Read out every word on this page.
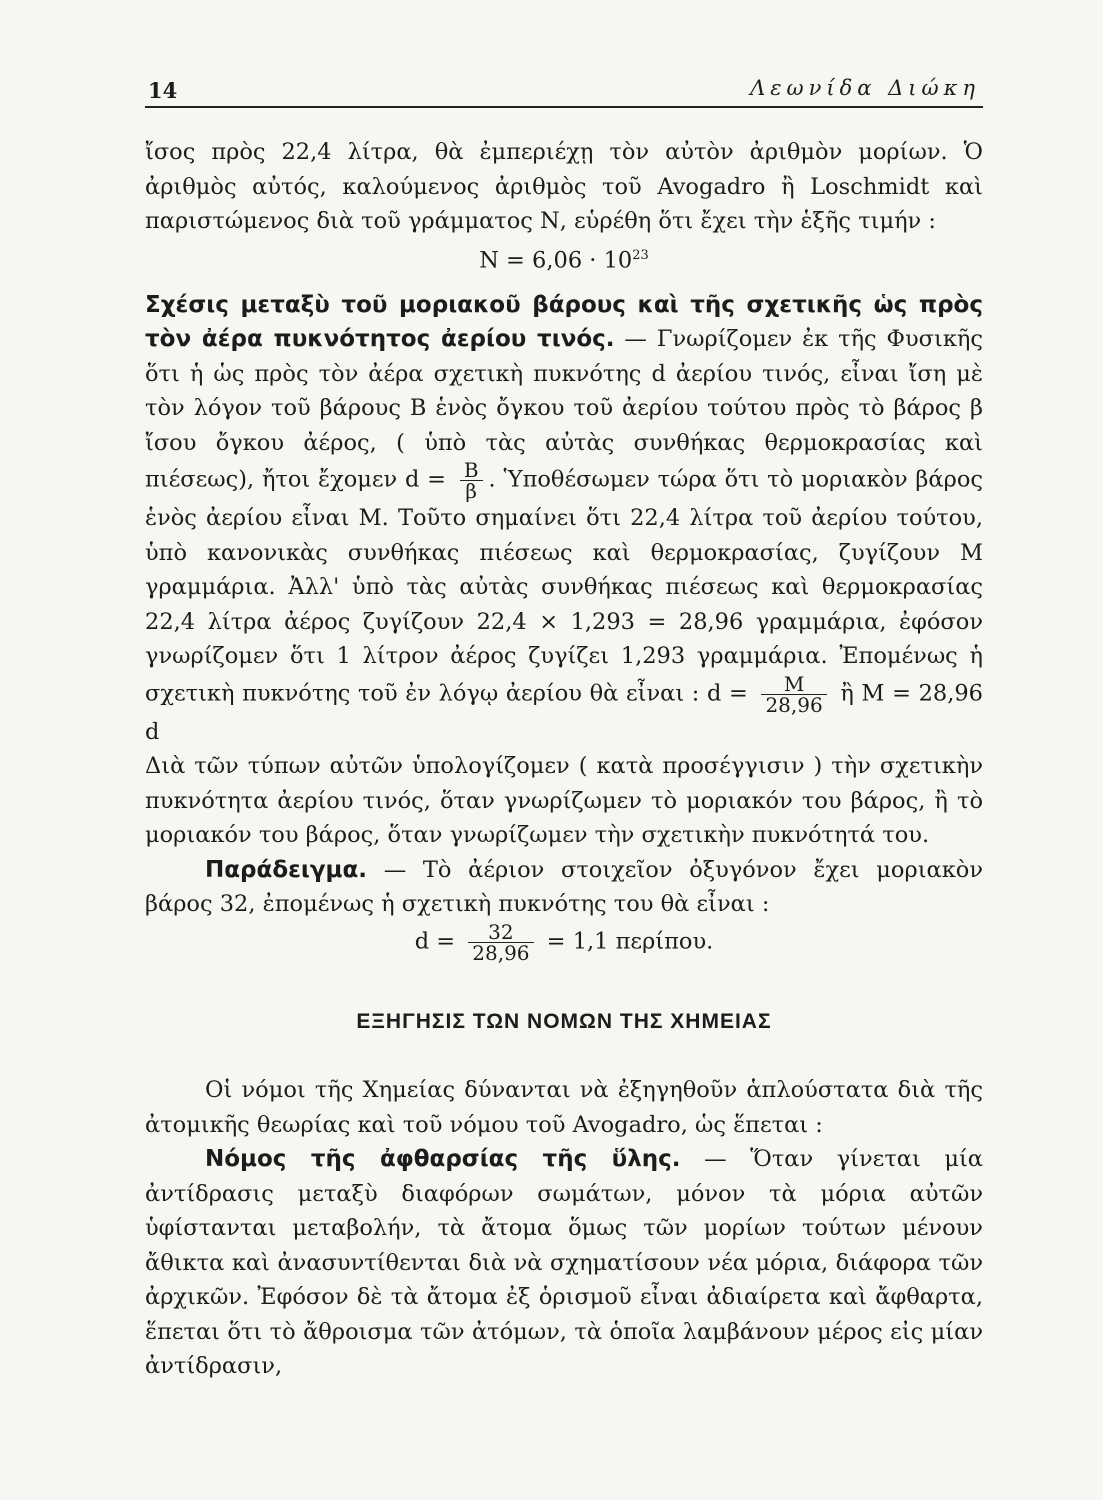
14	Λεωνίδα Διώκη

ἴσος πρὸς 22,4 λίτρα, θὰ ἐμπεριέχῃ τὸν αὐτὸν ἀριθμὸν μορίων. Ὁ ἀριθμὸς αὐτός, καλούμενος ἀριθμὸς τοῦ Avogadro ἢ Loschmidt καὶ παριστώμενος διὰ τοῦ γράμματος Ν, εὑρέθη ὅτι ἔχει τὴν ἑξῆς τιμήν :

$N = 6,06 \cdot 10^{23}$

Σχέσις μεταξὺ τοῦ μοριακοῦ βάρους καὶ τῆς σχετικῆς ὡς πρὸς τὸν ἀέρα πυκνότητος ἀερίου τινός. — Γνωρίζομεν ἐκ τῆς Φυσικῆς ὅτι ἡ ὡς πρὸς τὸν ἀέρα σχετικὴ πυκνότης d ἀερίου τινός, εἶναι ἴση μὲ τὸν λόγον τοῦ βάρους Β ἑνὸς ὄγκου τοῦ ἀερίου τούτου πρὸς τὸ βάρος β ἴσου ὄγκου ἀέρος, ( ὑπὸ τὰς αὐτὰς συνθήκας θερμοκρασίας καὶ πιέσεως), ἤτοι ἔχομεν $d = \frac{B}{\beta}$ . Ὑποθέσωμεν τώρα ὅτι τὸ μοριακὸν βάρος ἑνὸς ἀερίου εἶναι Μ. Τοῦτο σημαίνει ὅτι 22,4 λίτρα τοῦ ἀερίου τούτου, ὑπὸ κανονικὰς συνθήκας πιέσεως καὶ θερμοκρασίας, ζυγίζουν Μ γραμμάρια. Ἀλλ' ὑπὸ τὰς αὐτὰς συνθήκας πιέσεως καὶ θερμοκρασίας 22,4 λίτρα ἀέρος ζυγίζουν 22,4 × 1,293 = 28,96 γραμμάρια, ἐφόσον γνωρίζομεν ὅτι 1 λίτρον ἀέρος ζυγίζει 1,293 γραμμάρια. Ἐπομένως ἡ σχετικὴ πυκνότης τοῦ ἐν λόγῳ ἀερίου θὰ εἶναι : $d = \frac{M}{28,96}$ ἢ Μ = 28,96 d

Διὰ τῶν τύπων αὐτῶν ὑπολογίζομεν ( κατὰ προσέγγισιν ) τὴν σχετικὴν πυκνότητα ἀερίου τινός, ὅταν γνωρίζωμεν τὸ μοριακόν του βάρος, ἢ τὸ μοριακόν του βάρος, ὅταν γνωρίζωμεν τὴν σχετικὴν πυκνότητά του.

Παράδειγμα. — Τὸ ἀέριον στοιχεῖον ὀξυγόνον ἔχει μοριακὸν βάρος 32, ἐπομένως ἡ σχετικὴ πυκνότης του θὰ εἶναι :

$d = \frac{32}{28,96} = 1,1$ περίπου.

ΕΞΗΓΗΣΙΣ ΤΩΝ ΝΟΜΩΝ ΤΗΣ ΧΗΜΕΙΑΣ

Οἱ νόμοι τῆς Χημείας δύνανται νὰ ἐξηγηθοῦν ἁπλούστατα διὰ τῆς ἀτομικῆς θεωρίας καὶ τοῦ νόμου τοῦ Avogadro, ὡς ἕπεται :

Νόμος τῆς ἀφθαρσίας τῆς ὕλης. — Ὅταν γίνεται μία ἀντίδρασις μεταξὺ διαφόρων σωμάτων, μόνον τὰ μόρια αὐτῶν ὑφίστανται μεταβολήν, τὰ ἄτομα ὅμως τῶν μορίων τούτων μένουν ἄθικτα καὶ ἀνασυντίθενται διὰ νὰ σχηματίσουν νέα μόρια, διάφορα τῶν ἀρχικῶν. Ἐφόσον δὲ τὰ ἄτομα ἐξ ὁρισμοῦ εἶναι ἀδιαίρετα καὶ ἄφθαρτα, ἕπεται ὅτι τὸ ἄθροισμα τῶν ἀτόμων, τὰ ὁποῖα λαμβάνουν μέρος εἰς μίαν ἀντίδρασιν,
